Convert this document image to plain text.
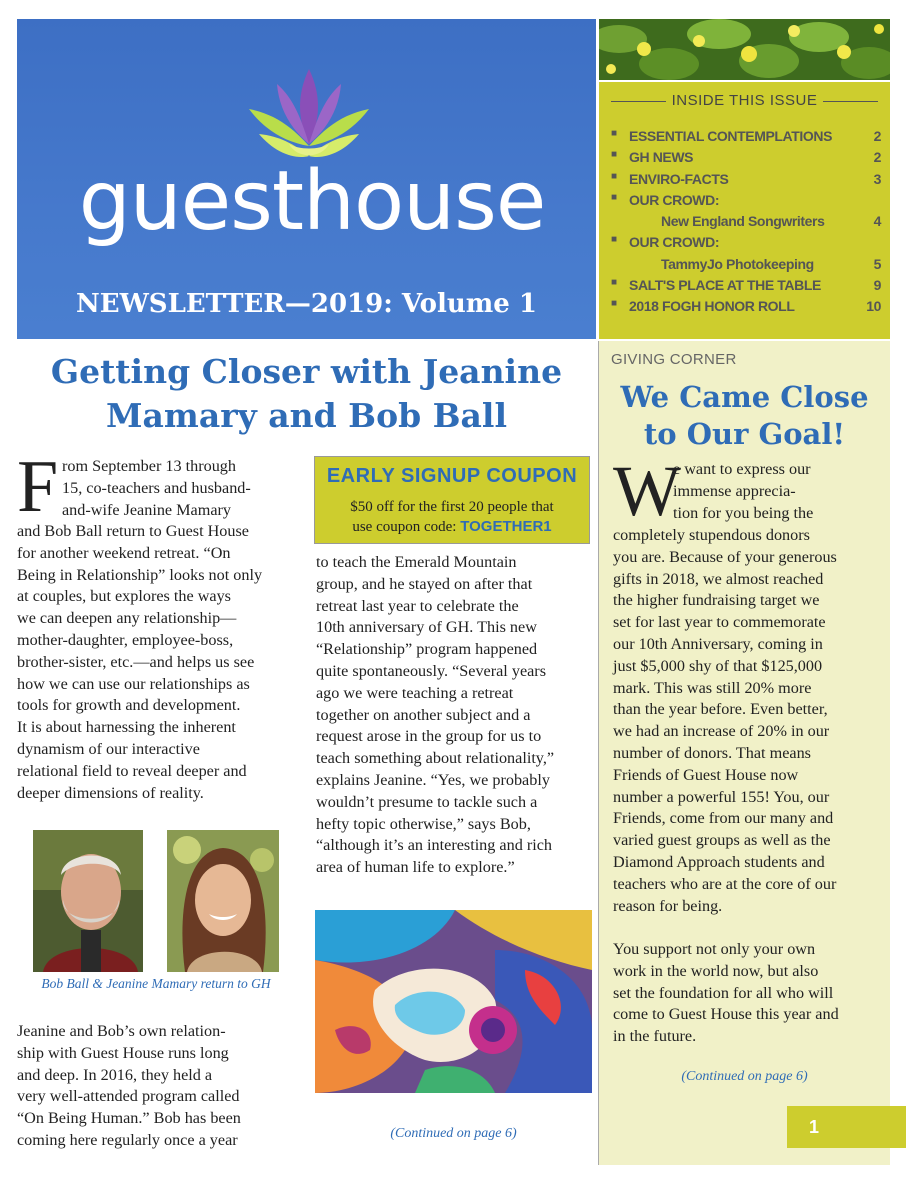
guesthouse
NEWSLETTER—2019: Volume 1
INSIDE THIS ISSUE
■ ESSENTIAL CONTEMPLATIONS	2
■ GH NEWS	2
■ ENVIRO-FACTS	3
■ OUR CROWD:
New England Songwriters	4
■ OUR CROWD:
TammyJo Photokeeping	5
■ SALT'S PLACE AT THE TABLE	9
■ 2018 FOGH HONOR ROLL	10
Getting Closer with Jeanine
Mamary and Bob Ball
F rom September 13 through
15, co-teachers and husband-
and-wife Jeanine Mamary
and Bob Ball return to Guest House
for another weekend retreat. “On
Being in Relationship” looks not only
at couples, but explores the ways
we can deepen any relationship—
mother-daughter, employee-boss,
brother-sister, etc.—and helps us see
how we can use our relationships as
tools for growth and development.
It is about harnessing the inherent
dynamism of our interactive
relational field to reveal deeper and
deeper dimensions of reality.
Bob Ball & Jeanine Mamary return to GH
Jeanine and Bob’s own relation-
ship with Guest House runs long
and deep. In 2016, they held a
very well-attended program called
“On Being Human.” Bob has been
coming here regularly once a year
EARLY SIGNUP COUPON
$50 off for the first 20 people that
use coupon code: TOGETHER1
to teach the Emerald Mountain
group, and he stayed on after that
retreat last year to celebrate the
10th anniversary of GH. This new
“Relationship” program happened
quite spontaneously. “Several years
ago we were teaching a retreat
together on another subject and a
request arose in the group for us to
teach something about relationality,”
explains Jeanine. “Yes, we probably
wouldn’t presume to tackle such a
hefty topic otherwise,” says Bob,
“although it’s an interesting and rich
area of human life to explore.”
(Continued on page 6)
GIVING CORNER
We Came Close
to Our Goal!
W
e want to express our
immense apprecia-
tion for you being the
completely stupendous donors
you are. Because of your generous
gifts in 2018, we almost reached
the higher fundraising target we
set for last year to commemorate
our 10th Anniversary, coming in
just $5,000 shy of that $125,000
mark. This was still 20% more
than the year before. Even better,
we had an increase of 20% in our
number of donors. That means
Friends of Guest House now
number a powerful 155! You, our
Friends, come from our many and
varied guest groups as well as the
Diamond Approach students and
teachers who are at the core of our
reason for being.
You support not only your own
work in the world now, but also
set the foundation for all who will
come to Guest House this year and
in the future.
(Continued on page 6)
1
